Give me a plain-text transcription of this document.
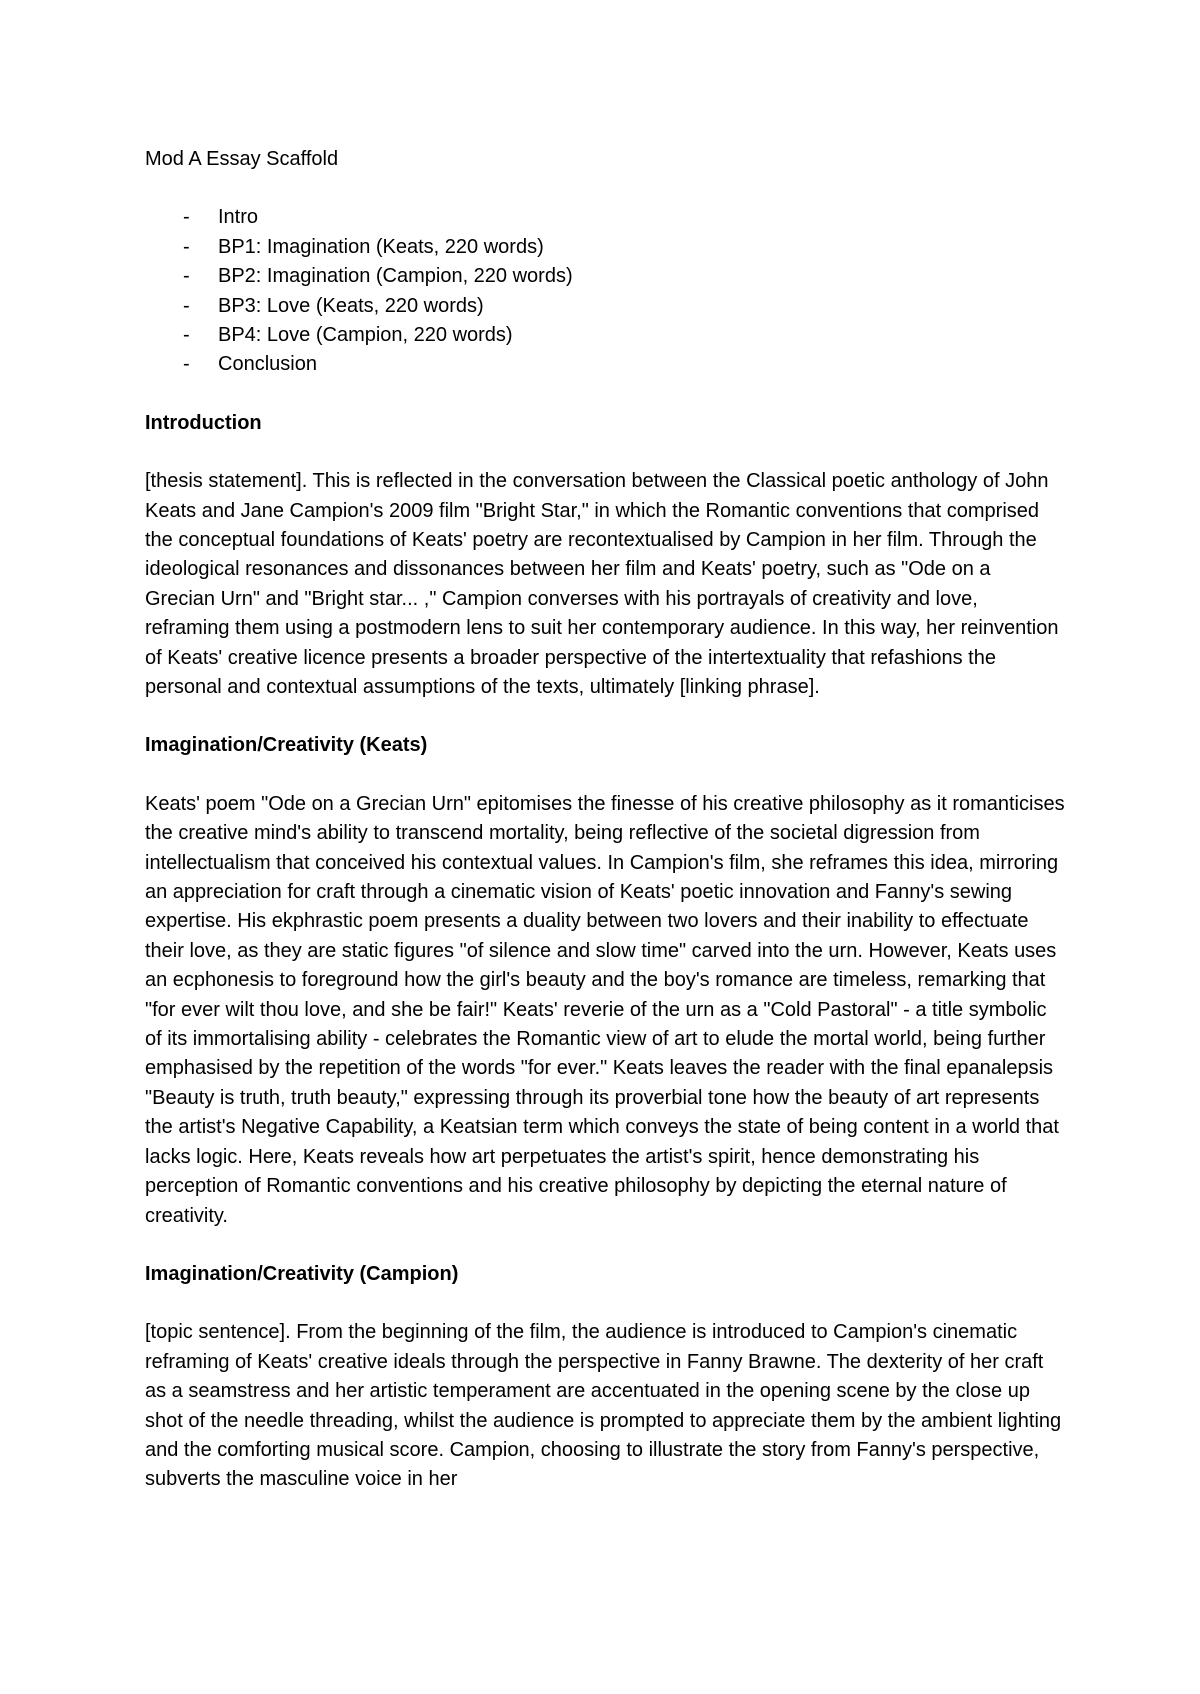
Mod A Essay Scaffold
- Intro
- BP1: Imagination (Keats, 220 words)
- BP2: Imagination (Campion, 220 words)
- BP3: Love (Keats, 220 words)
- BP4: Love (Campion, 220 words)
- Conclusion
Introduction

[thesis statement]. This is reflected in the conversation between the Classical poetic anthology of John Keats and Jane Campion's 2009 film "Bright Star," in which the Romantic conventions that comprised the conceptual foundations of Keats' poetry are recontextualised by Campion in her film. Through the ideological resonances and dissonances between her film and Keats' poetry, such as "Ode on a Grecian Urn" and "Bright star... ," Campion converses with his portrayals of creativity and love, reframing them using a postmodern lens to suit her contemporary audience. In this way, her reinvention of Keats' creative licence presents a broader perspective of the intertextuality that refashions the personal and contextual assumptions of the texts, ultimately [linking phrase].

Imagination/Creativity (Keats)

Keats' poem "Ode on a Grecian Urn" epitomises the finesse of his creative philosophy as it romanticises the creative mind's ability to transcend mortality, being reflective of the societal digression from intellectualism that conceived his contextual values. In Campion's film, she reframes this idea, mirroring an appreciation for craft through a cinematic vision of Keats' poetic innovation and Fanny's sewing expertise. His ekphrastic poem presents a duality between two lovers and their inability to effectuate their love, as they are static figures "of silence and slow time" carved into the urn. However, Keats uses an ecphonesis to foreground how the girl's beauty and the boy's romance are timeless, remarking that "for ever wilt thou love, and she be fair!" Keats' reverie of the urn as a "Cold Pastoral" - a title symbolic of its immortalising ability - celebrates the Romantic view of art to elude the mortal world, being further emphasised by the repetition of the words "for ever." Keats leaves the reader with the final epanalepsis "Beauty is truth, truth beauty," expressing through its proverbial tone how the beauty of art represents the artist's Negative Capability, a Keatsian term which conveys the state of being content in a world that lacks logic. Here, Keats reveals how art perpetuates the artist's spirit, hence demonstrating his perception of Romantic conventions and his creative philosophy by depicting the eternal nature of creativity.

Imagination/Creativity (Campion)

[topic sentence]. From the beginning of the film, the audience is introduced to Campion's cinematic reframing of Keats' creative ideals through the perspective in Fanny Brawne. The dexterity of her craft as a seamstress and her artistic temperament are accentuated in the opening scene by the close up shot of the needle threading, whilst the audience is prompted to appreciate them by the ambient lighting and the comforting musical score. Campion, choosing to illustrate the story from Fanny's perspective, subverts the masculine voice in her
